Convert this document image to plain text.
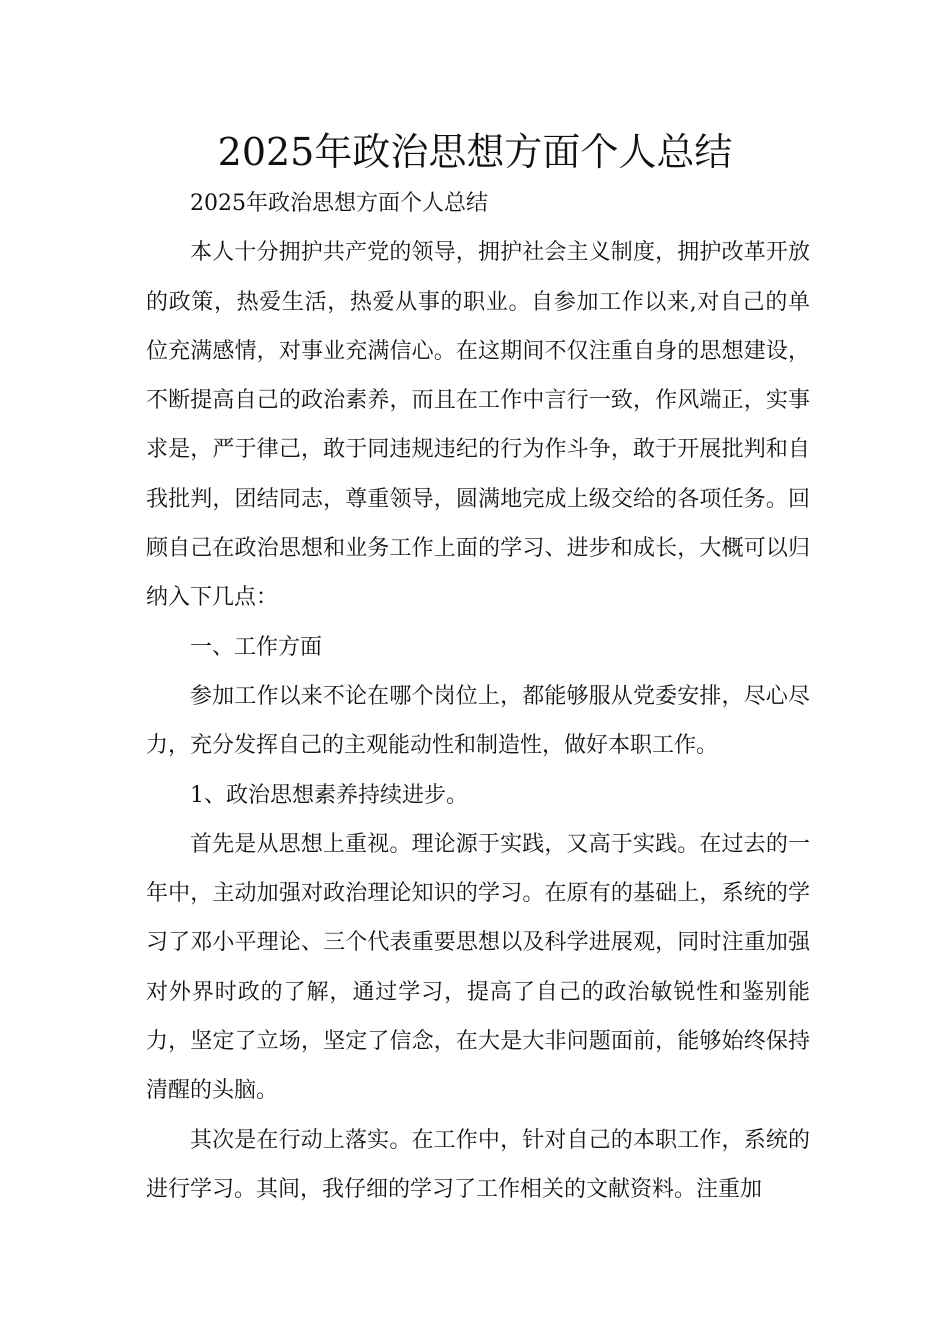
2025年政治思想方面个人总结

2025年政治思想方面个人总结

本人十分拥护共产党的领导，拥护社会主义制度，拥护改革开放的政策，热爱生活，热爱从事的职业。自参加工作以来,对自己的单位充满感情，对事业充满信心。在这期间不仅注重自身的思想建设，不断提高自己的政治素养，而且在工作中言行一致，作风端正，实事求是，严于律己，敢于同违规违纪的行为作斗争，敢于开展批判和自我批判，团结同志，尊重领导，圆满地完成上级交给的各项任务。回顾自己在政治思想和业务工作上面的学习、进步和成长，大概可以归纳入下几点：

一、工作方面

参加工作以来不论在哪个岗位上，都能够服从党委安排，尽心尽力，充分发挥自己的主观能动性和制造性，做好本职工作。

1、政治思想素养持续进步。

首先是从思想上重视。理论源于实践，又高于实践。在过去的一年中，主动加强对政治理论知识的学习。在原有的基础上，系统的学习了邓小平理论、三个代表重要思想以及科学进展观，同时注重加强对外界时政的了解，通过学习，提高了自己的政治敏锐性和鉴别能力，坚定了立场，坚定了信念，在大是大非问题面前，能够始终保持清醒的头脑。

其次是在行动上落实。在工作中，针对自己的本职工作，系统的进行学习。其间，我仔细的学习了工作相关的文献资料。注重加
